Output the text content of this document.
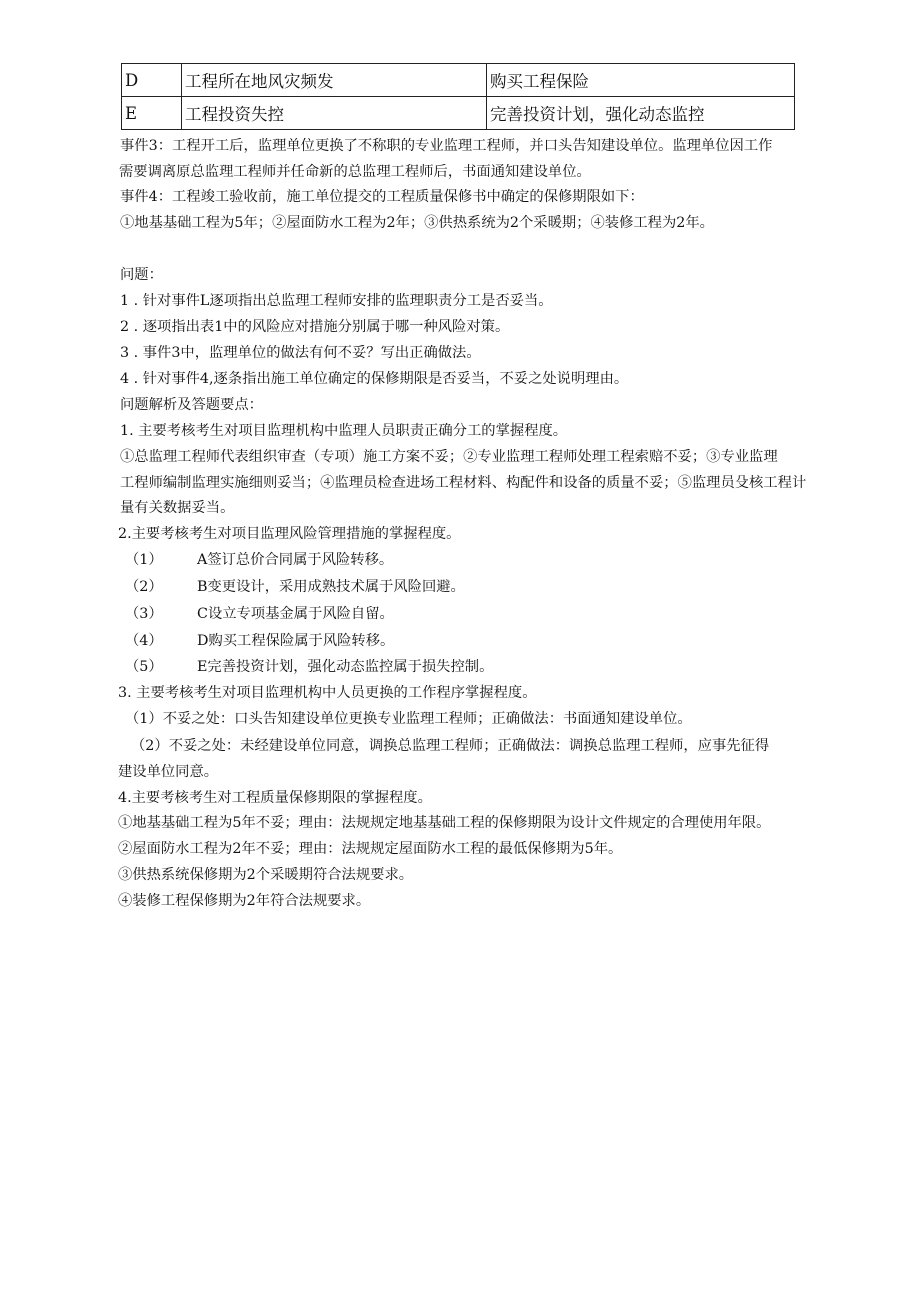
D	工程所在地风灾频发	购买工程保险
E	工程投资失控	完善投资计划，强化动态监控
事件3：工程开工后，监理单位更换了不称职的专业监理工程师，并口头告知建设单位。监理单位因工作
需要调离原总监理工程师并任命新的总监理工程师后，书面通知建设单位。
事件4：工程竣工验收前，施工单位提交的工程质量保修书中确定的保修期限如下：
①地基基础工程为5年；②屋面防水工程为2年；③供热系统为2个采暖期；④装修工程为2年。
问题：
1 . 针对事件L逐项指出总监理工程师安排的监理职责分工是否妥当。
2 . 逐项指出表1中的风险应对措施分别属于哪一种风险对策。
3 . 事件3中，监理单位的做法有何不妥？写出正确做法。
4 . 针对事件4,逐条指出施工单位确定的保修期限是否妥当，不妥之处说明理由。
问题解析及答题要点：
1. 主要考核考生对项目监理机构中监理人员职责正确分工的掌握程度。
①总监理工程师代表组织审查（专项）施工方案不妥；②专业监理工程师处理工程索赔不妥；③专业监理
工程师编制监理实施细则妥当；④监理员检查进场工程材料、构配件和设备的质量不妥；⑤监理员殳核工程计
量有关数据妥当。
2.主要考核考生对项目监理风险管理措施的掌握程度。
（1） A签订总价合同属于风险转移。
（2） B变更设计，采用成熟技术属于风险回避。
（3） C设立专项基金属于风险自留。
（4） D购买工程保险属于风险转移。
（5） E完善投资计划，强化动态监控属于损失控制。
3. 主要考核考生对项目监理机构中人员更换的工作程序掌握程度。
（1）不妥之处：口头告知建设单位更换专业监理工程师；正确做法：书面通知建设单位。
（2）不妥之处：未经建设单位同意，调换总监理工程师；正确做法：调换总监理工程师，应事先征得
建设单位同意。
4.主要考核考生对工程质量保修期限的掌握程度。
①地基基础工程为5年不妥；理由：法规规定地基基础工程的保修期限为设计文件规定的合理使用年限。
②屋面防水工程为2年不妥；理由：法规规定屋面防水工程的最低保修期为5年。
③供热系统保修期为2个采暖期符合法规要求。
④装修工程保修期为2年符合法规要求。
